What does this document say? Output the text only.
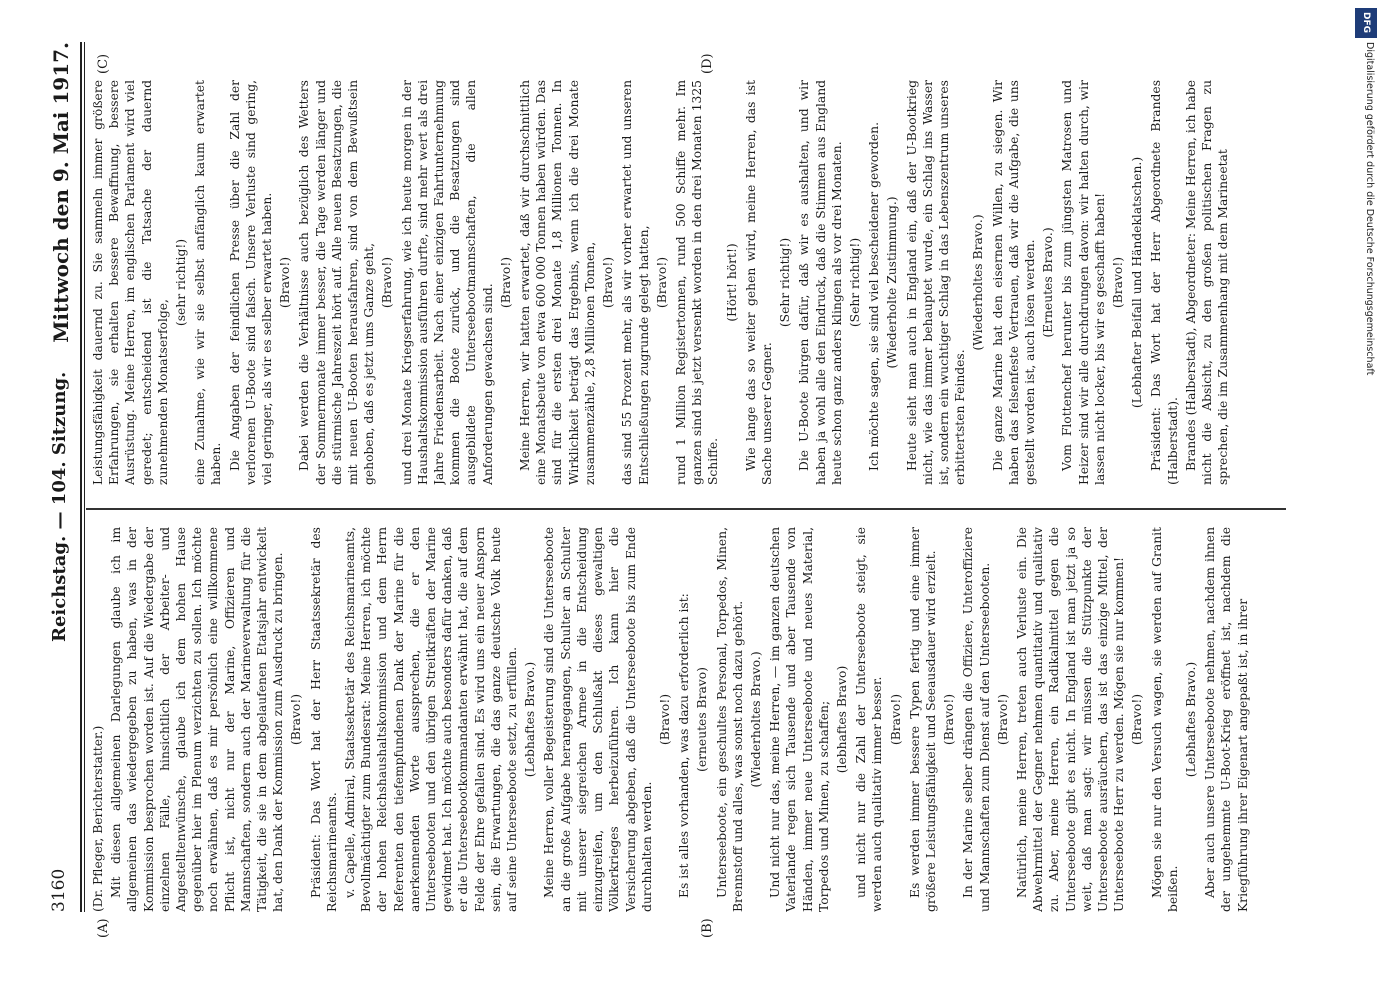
3160
Reichstag. — 104. Sitzung.
Mittwoch den 9. Mai 1917.
(A)	(B)
(C)	(D)

(Dr. Pfleger, Berichterstatter.) Mit diesen allgemeinen Darlegungen glaube ich im allgemeinen das wiedergegeben zu haben, was in der Kommission besprochen worden ist. Auf die Wiedergabe der einzelnen Fälle, hinsichtlich der Arbeiter- und Angestelltenwünsche, glaube ich dem hohen Hause gegenüber hier im Plenum verzichten zu sollen. Ich möchte noch erwähnen, daß es mir persönlich eine willkommene Pflicht ist, nicht nur der Marine, Offizieren und Mannschaften, sondern auch der Marineverwaltung für die Tätigkeit, die sie in dem abgelaufenen Etatsjahr entwickelt hat, den Dank der Kommission zum Ausdruck zu bringen. (Bravo!) Präsident: Das Wort hat der Herr Staatssekretär des Reichsmarineamts. v. Capelle, Admiral, Staatssekretär des Reichsmarineamts, Bevollmächtigter zum Bundesrat: Meine Herren, ich möchte der hohen Reichshaushaltskommission und dem Herrn Referenten den tiefempfundenen Dank der Marine für die anerkennenden Worte aussprechen, die er den Unterseebooten und den übrigen Streitkräften der Marine gewidmet hat. Ich möchte auch besonders dafür danken, daß er die Unterseebootkommandanten erwähnt hat, die auf dem Felde der Ehre gefallen sind. Es wird uns ein neuer Ansporn sein, die Erwartungen, die das ganze deutsche Volk heute auf seine Unterseeboote setzt, zu erfüllen. (Lebhaftes Bravo.) Meine Herren, voller Begeisterung sind die Unterseeboote an die große Aufgabe herangegangen, Schulter an Schulter mit unserer siegreichen Armee in die Entscheidung einzugreifen, um den Schlußakt dieses gewaltigen Völkerkrieges herbeizuführen. Ich kann hier die Versicherung abgeben, daß die Unterseeboote bis zum Ende durchhalten werden.

(Bravo!) Es ist alles vorhanden, was dazu erforderlich ist: (erneutes Bravo) Unterseeboote, ein geschultes Personal, Torpedos, Minen, Brennstoff und alles, was sonst noch dazu gehört. (Wiederholtes Bravo.) Und nicht nur das, meine Herren, — im ganzen deutschen Vaterlande regen sich Tausende und aber Tausende von Händen, immer neue Unterseeboote und neues Material, Torpedos und Minen, zu schaffen; (lebhaftes Bravo) und nicht nur die Zahl der Unterseeboote steigt, sie werden auch qualitativ immer besser. (Bravo!) Es werden immer bessere Typen fertig und eine immer größere Leistungsfähigkeit und Seeausdauer wird erzielt. (Bravo!) In der Marine selber drängen die Offiziere, Unteroffiziere und Mannschaften zum Dienst auf den Unterseebooten. (Bravo!) Natürlich, meine Herren, treten auch Verluste ein. Die Abwehrmittel der Gegner nehmen quantitativ und qualitativ zu. Aber, meine Herren, ein Radikalmittel gegen die Unterseeboote gibt es nicht. In England ist man jetzt ja so weit, daß man sagt: wir müssen die Stützpunkte der Unterseeboote ausräuchern, das ist das einzige Mittel, der Unterseeboote Herr zu werden. Mögen sie nur kommen! (Bravo!) Mögen sie nur den Versuch wagen, sie werden auf Granit beißen.

(Lebhaftes Bravo.) Aber auch unsere Unterseeboote nehmen, nachdem ihnen der ungehemmte U-Boot-Krieg eröffnet ist, nachdem die Kriegführung ihrer Eigenart angepaßt ist, in ihrer

Leistungsfähigkeit dauernd zu. Sie sammeln immer größere Erfahrungen, sie erhalten bessere Bewaffnung, bessere Ausrüstung. Meine Herren, im englischen Parlament wird viel geredet; entscheidend ist die Tatsache der dauernd zunehmenden Monatserfolge,

(sehr richtig!) eine Zunahme, wie wir sie selbst anfänglich kaum erwartet haben. Die Angaben der feindlichen Presse über die Zahl der verlorenen U-Boote sind falsch. Unsere Verluste sind gering, viel geringer, als wir es selber erwartet haben. (Bravo!) Dabei werden die Verhältnisse auch bezüglich des Wetters der Sommermonate immer besser, die Tage werden länger und die stürmische Jahreszeit hört auf. Alle neuen Besatzungen, die mit neuen U-Booten herausfahren, sind von dem Bewußtsein gehoben, daß es jetzt ums Ganze geht, (Bravo!) und drei Monate Kriegserfahrung, wie ich heute morgen in der Haushaltskommission ausführen durfte, sind mehr wert als drei Jahre Friedensarbeit. Nach einer einzigen Fahrtunternehmung kommen die Boote zurück, und die Besatzungen sind ausgebildete Unterseebootmannschaften, die allen Anforderungen gewachsen sind.

(Bravo!) Meine Herren, wir hatten erwartet, daß wir durchschnittlich eine Monatsbeute von etwa 600 000 Tonnen haben würden. Das sind für die ersten drei Monate 1,8 Millionen Tonnen. In Wirklichkeit beträgt das Ergebnis, wenn ich die drei Monate zusammenzähle, 2,8 Millionen Tonnen, (Bravo!) das sind 55 Prozent mehr, als wir vorher erwartet und unseren Entschließungen zugrunde gelegt hatten, (Bravo!) rund 1 Million Registertonnen, rund 500 Schiffe mehr. Im ganzen sind bis jetzt versenkt worden in den drei Monaten 1325 Schiffe.

(Hört! hört!) Wie lange das so weiter gehen wird, meine Herren, das ist Sache unserer Gegner.

(Sehr richtig!) Die U-Boote bürgen dafür, daß wir es aushalten, und wir haben ja wohl alle den Eindruck, daß die Stimmen aus England heute schon ganz anders klingen als vor drei Monaten. (Sehr richtig!) Ich möchte sagen, sie sind viel bescheidener geworden. (Wiederholte Zustimmung.) Heute sieht man auch in England ein, daß der U-Bootkrieg nicht, wie das immer behauptet wurde, ein Schlag ins Wasser ist, sondern ein wuchtiger Schlag in das Lebenszentrum unseres erbittertsten Feindes.

(Wiederholtes Bravo.) Die ganze Marine hat den eisernen Willen, zu siegen. Wir haben das felsenfeste Vertrauen, daß wir die Aufgabe, die uns gestellt worden ist, auch lösen werden. (Erneutes Bravo.) Vom Flottenchef herunter bis zum jüngsten Matrosen und Heizer sind wir alle durchdrungen davon: wir halten durch, wir lassen nicht locker, bis wir es geschafft haben! (Bravo!) (Lebhafter Beifall und Händeklatschen.) Präsident: Das Wort hat der Herr Abgeordnete Brandes (Halberstadt). Brandes (Halberstadt), Abgeordneter: Meine Herren, ich habe nicht die Absicht, zu den großen politischen Fragen zu sprechen, die im Zusammenhang mit dem Marineetat

DFG
Digitalisierung gefördert durch die Deutsche Forschungsgemeinschaft
